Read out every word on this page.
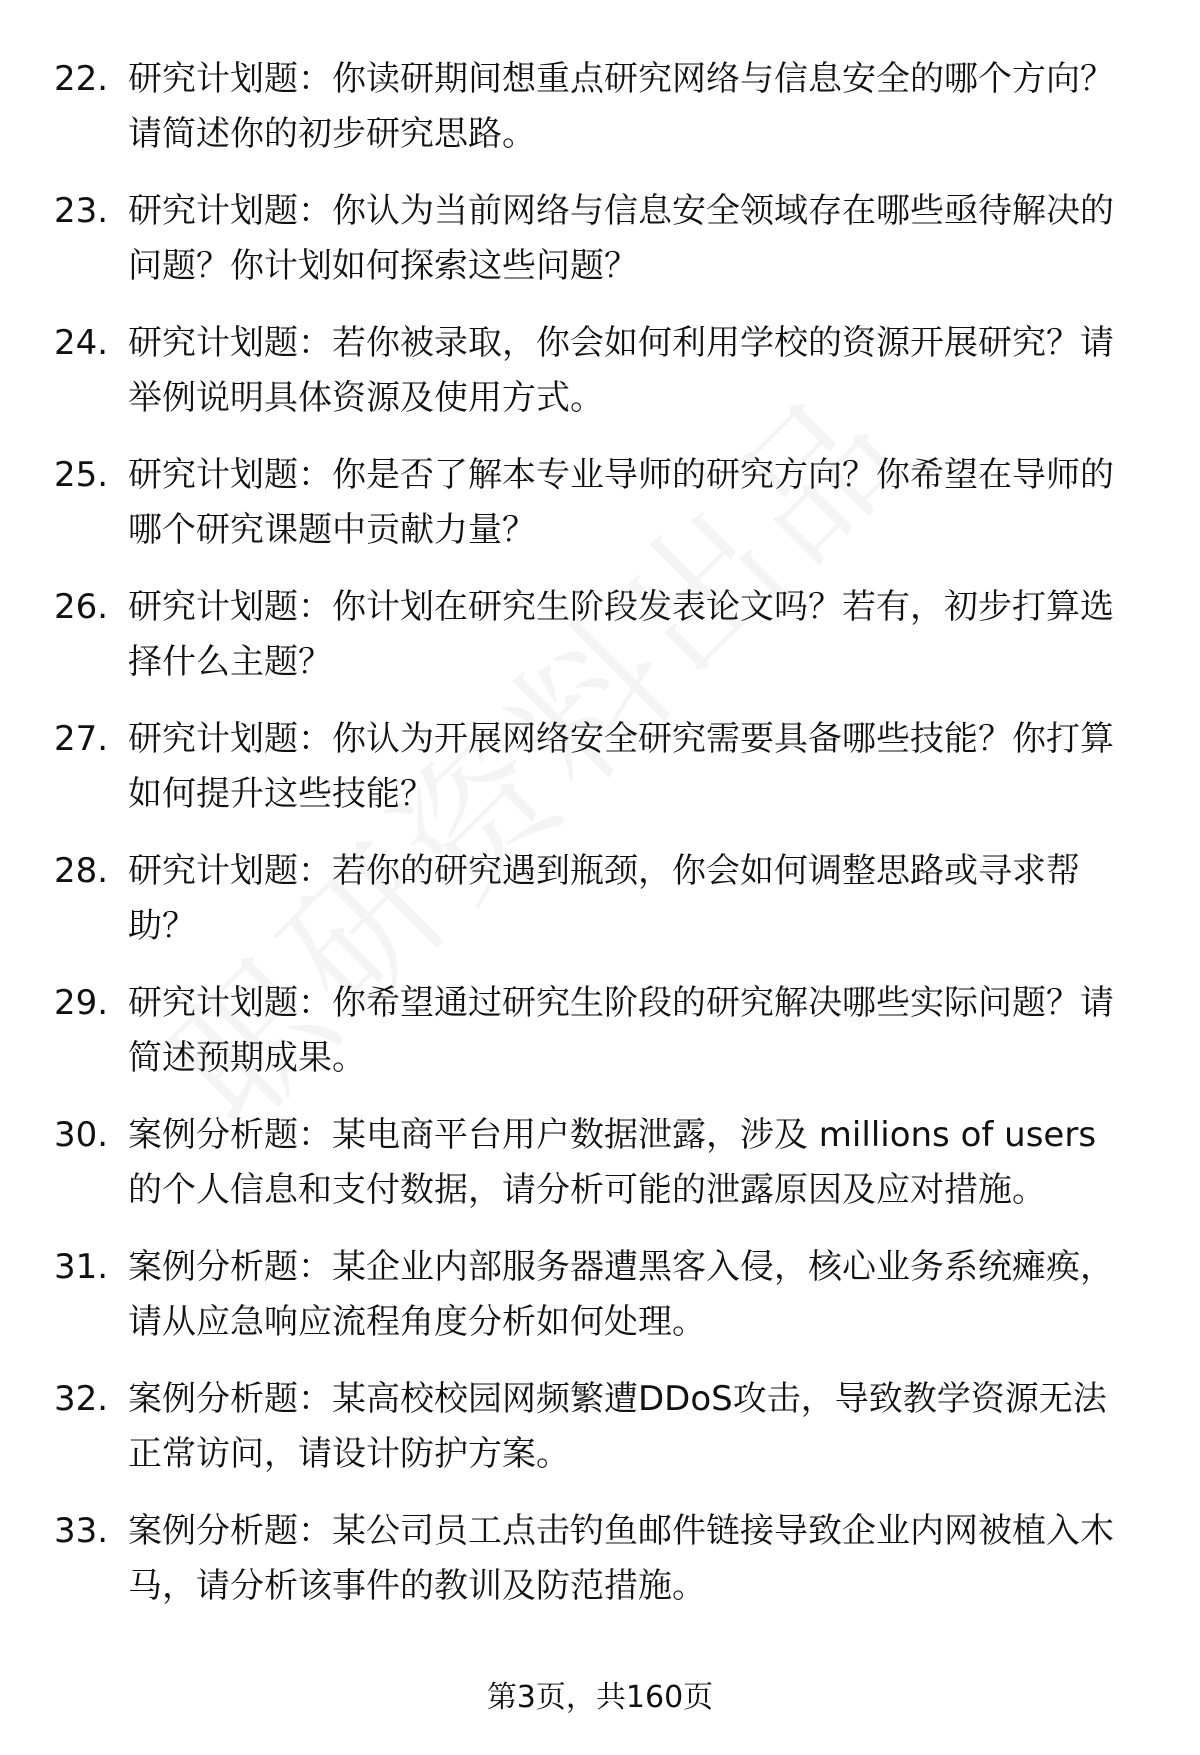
22. 研究计划题：你读研期间想重点研究网络与信息安全的哪个方向？请简述你的初步研究思路。
23. 研究计划题：你认为当前网络与信息安全领域存在哪些亟待解决的问题？你计划如何探索这些问题？
24. 研究计划题：若你被录取，你会如何利用学校的资源开展研究？请举例说明具体资源及使用方式。
25. 研究计划题：你是否了解本专业导师的研究方向？你希望在导师的哪个研究课题中贡献力量？
26. 研究计划题：你计划在研究生阶段发表论文吗？若有，初步打算选择什么主题？
27. 研究计划题：你认为开展网络安全研究需要具备哪些技能？你打算如何提升这些技能？
28. 研究计划题：若你的研究遇到瓶颈，你会如何调整思路或寻求帮助？
29. 研究计划题：你希望通过研究生阶段的研究解决哪些实际问题？请简述预期成果。
30. 案例分析题：某电商平台用户数据泄露，涉及 millions of users 的个人信息和支付数据，请分析可能的泄露原因及应对措施。
31. 案例分析题：某企业内部服务器遭黑客入侵，核心业务系统瘫痪，请从应急响应流程角度分析如何处理。
32. 案例分析题：某高校校园网频繁遭DDoS攻击，导致教学资源无法正常访问，请设计防护方案。
33. 案例分析题：某公司员工点击钓鱼邮件链接导致企业内网被植入木马，请分析该事件的教训及防范措施。
第3页，共160页
